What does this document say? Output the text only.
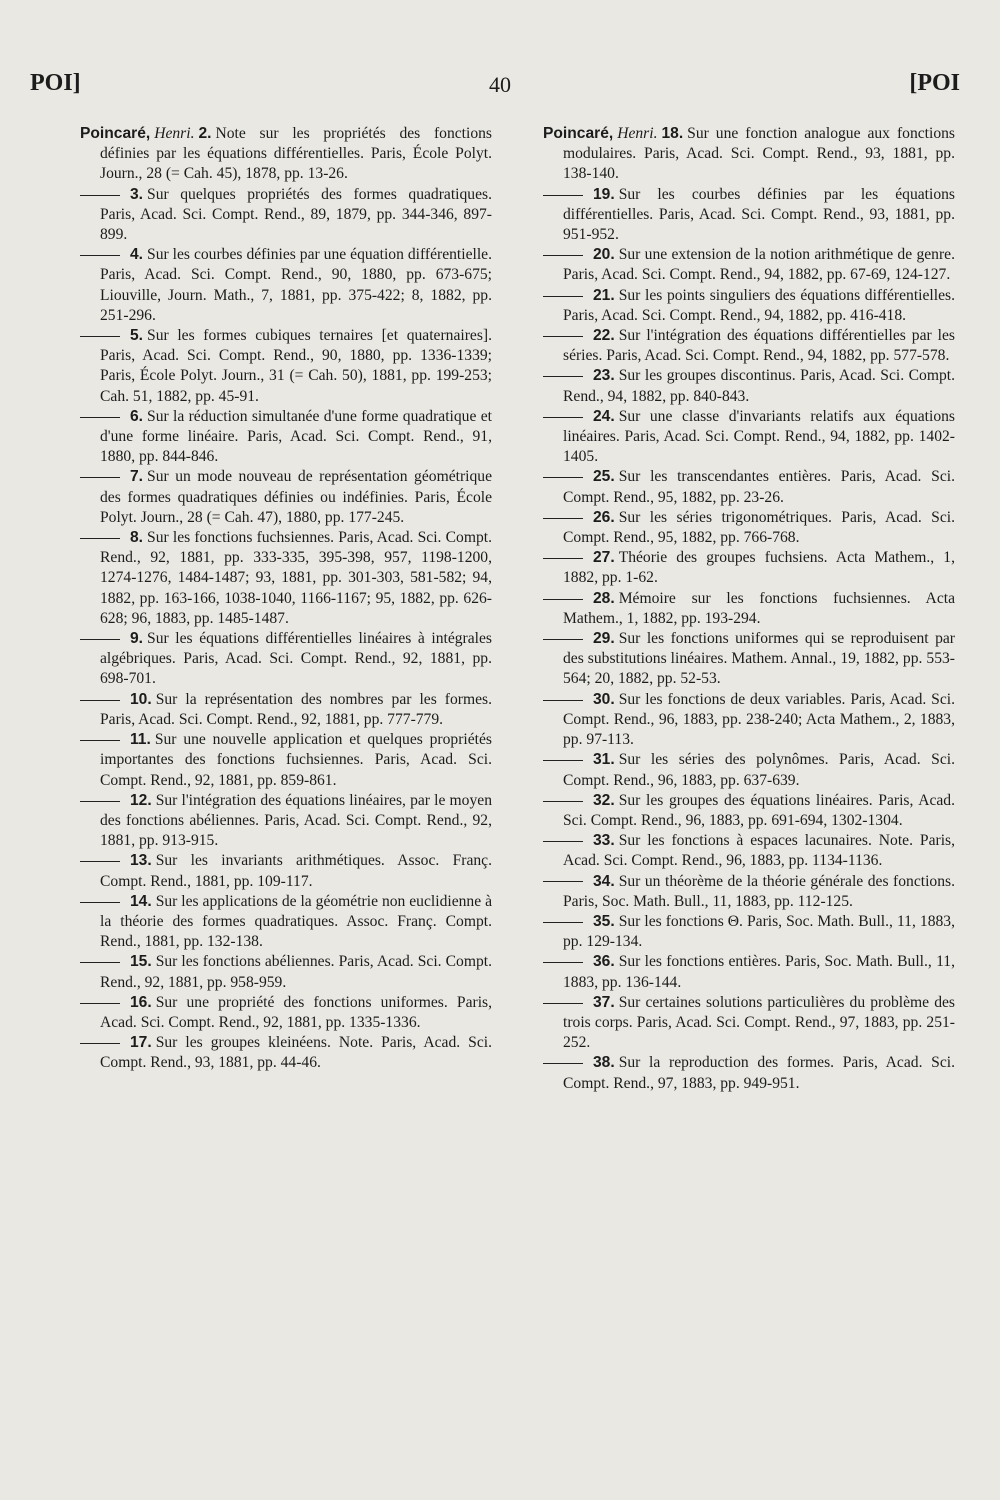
POI]	40	[POI

Poincaré, Henri. 2. Note sur les propriétés des fonctions définies par les équations différentielles. Paris, École Polyt. Journ., 28 (= Cah. 45), 1878, pp. 13-26.

3. Sur quelques propriétés des formes quadratiques. Paris, Acad. Sci. Compt. Rend., 89, 1879, pp. 344-346, 897-899.

4. Sur les courbes définies par une équation différentielle. Paris, Acad. Sci. Compt. Rend., 90, 1880, pp. 673-675; Liouville, Journ. Math., 7, 1881, pp. 375-422; 8, 1882, pp. 251-296.

5. Sur les formes cubiques ternaires [et quaternaires]. Paris, Acad. Sci. Compt. Rend., 90, 1880, pp. 1336-1339; Paris, École Polyt. Journ., 31 (= Cah. 50), 1881, pp. 199-253; Cah. 51, 1882, pp. 45-91.

6. Sur la réduction simultanée d'une forme quadratique et d'une forme linéaire. Paris, Acad. Sci. Compt. Rend., 91, 1880, pp. 844-846.

7. Sur un mode nouveau de représentation géométrique des formes quadratiques définies ou indéfinies. Paris, École Polyt. Journ., 28 (= Cah. 47), 1880, pp. 177-245.

8. Sur les fonctions fuchsiennes. Paris, Acad. Sci. Compt. Rend., 92, 1881, pp. 333-335, 395-398, 957, 1198-1200, 1274-1276, 1484-1487; 93, 1881, pp. 301-303, 581-582; 94, 1882, pp. 163-166, 1038-1040, 1166-1167; 95, 1882, pp. 626-628; 96, 1883, pp. 1485-1487.

9. Sur les équations différentielles linéaires à intégrales algébriques. Paris, Acad. Sci. Compt. Rend., 92, 1881, pp. 698-701.

10. Sur la représentation des nombres par les formes. Paris, Acad. Sci. Compt. Rend., 92, 1881, pp. 777-779.

11. Sur une nouvelle application et quelques propriétés importantes des fonctions fuchsiennes. Paris, Acad. Sci. Compt. Rend., 92, 1881, pp. 859-861.

12. Sur l'intégration des équations linéaires, par le moyen des fonctions abéliennes. Paris, Acad. Sci. Compt. Rend., 92, 1881, pp. 913-915.

13. Sur les invariants arithmétiques. Assoc. Franç. Compt. Rend., 1881, pp. 109-117.

14. Sur les applications de la géométrie non euclidienne à la théorie des formes quadratiques. Assoc. Franç. Compt. Rend., 1881, pp. 132-138.

15. Sur les fonctions abéliennes. Paris, Acad. Sci. Compt. Rend., 92, 1881, pp. 958-959.

16. Sur une propriété des fonctions uniformes. Paris, Acad. Sci. Compt. Rend., 92, 1881, pp. 1335-1336.

17. Sur les groupes kleinéens. Note. Paris, Acad. Sci. Compt. Rend., 93, 1881, pp. 44-46.

Poincaré, Henri. 18. Sur une fonction analogue aux fonctions modulaires. Paris, Acad. Sci. Compt. Rend., 93, 1881, pp. 138-140.

19. Sur les courbes définies par les équations différentielles. Paris, Acad. Sci. Compt. Rend., 93, 1881, pp. 951-952.

20. Sur une extension de la notion arithmétique de genre. Paris, Acad. Sci. Compt. Rend., 94, 1882, pp. 67-69, 124-127.

21. Sur les points singuliers des équations différentielles. Paris, Acad. Sci. Compt. Rend., 94, 1882, pp. 416-418.

22. Sur l'intégration des équations différentielles par les séries. Paris, Acad. Sci. Compt. Rend., 94, 1882, pp. 577-578.

23. Sur les groupes discontinus. Paris, Acad. Sci. Compt. Rend., 94, 1882, pp. 840-843.

24. Sur une classe d'invariants relatifs aux équations linéaires. Paris, Acad. Sci. Compt. Rend., 94, 1882, pp. 1402-1405.

25. Sur les transcendantes entières. Paris, Acad. Sci. Compt. Rend., 95, 1882, pp. 23-26.

26. Sur les séries trigonométriques. Paris, Acad. Sci. Compt. Rend., 95, 1882, pp. 766-768.

27. Théorie des groupes fuchsiens. Acta Mathem., 1, 1882, pp. 1-62.

28. Mémoire sur les fonctions fuchsiennes. Acta Mathem., 1, 1882, pp. 193-294.

29. Sur les fonctions uniformes qui se reproduisent par des substitutions linéaires. Mathem. Annal., 19, 1882, pp. 553-564; 20, 1882, pp. 52-53.

30. Sur les fonctions de deux variables. Paris, Acad. Sci. Compt. Rend., 96, 1883, pp. 238-240; Acta Mathem., 2, 1883, pp. 97-113.

31. Sur les séries des polynômes. Paris, Acad. Sci. Compt. Rend., 96, 1883, pp. 637-639.

32. Sur les groupes des équations linéaires. Paris, Acad. Sci. Compt. Rend., 96, 1883, pp. 691-694, 1302-1304.

33. Sur les fonctions à espaces lacunaires. Note. Paris, Acad. Sci. Compt. Rend., 96, 1883, pp. 1134-1136.

34. Sur un théorème de la théorie générale des fonctions. Paris, Soc. Math. Bull., 11, 1883, pp. 112-125.

35. Sur les fonctions Θ. Paris, Soc. Math. Bull., 11, 1883, pp. 129-134.

36. Sur les fonctions entières. Paris, Soc. Math. Bull., 11, 1883, pp. 136-144.

37. Sur certaines solutions particulières du problème des trois corps. Paris, Acad. Sci. Compt. Rend., 97, 1883, pp. 251-252.

38. Sur la reproduction des formes. Paris, Acad. Sci. Compt. Rend., 97, 1883, pp. 949-951.
